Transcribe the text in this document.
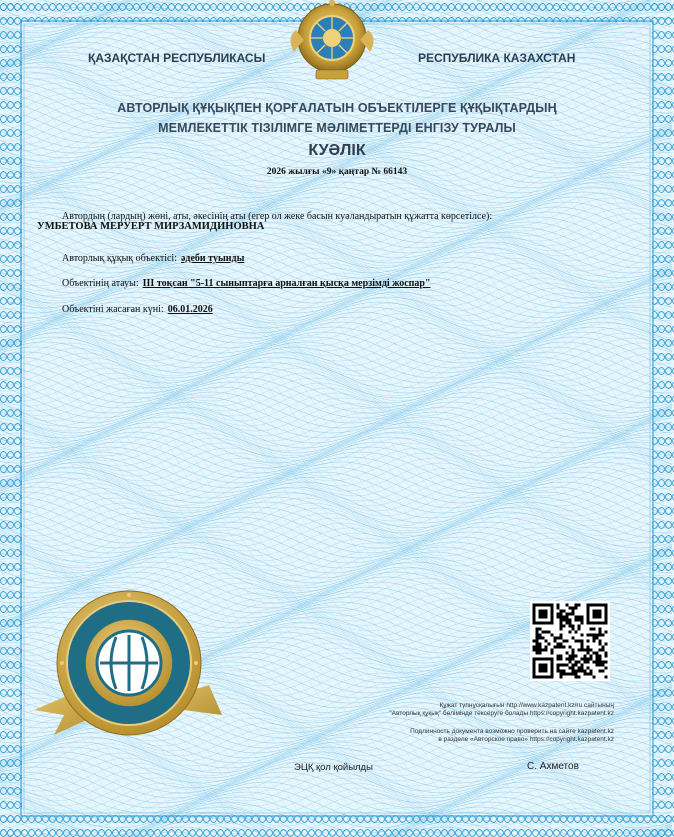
ҚАЗАҚСТАН РЕСПУБЛИКАСЫ	РЕСПУБЛИКА КАЗАХСТАН
АВТОРЛЫҚ ҚҰҚЫҚПЕН ҚОРҒАЛАТЫН ОБЪЕКТІЛЕРГЕ ҚҰҚЫҚТАРДЫҢ
МЕМЛЕКЕТТІК ТІЗІЛІМГЕ МӘЛІМЕТТЕРДІ ЕНГІЗУ ТУРАЛЫ
КУӘЛІК
2026 жылғы «9» қаңтар № 66143
Автордың (лардың) жөні, аты, әкесінің аты (егер ол жеке басын куәландыратын құжатта көрсетілсе):
УМБЕТОВА МЕРУЕРТ МИРЗАМИДИНОВНА
Авторлық құқық объектісі: әдеби туынды
Объектінің атауы: ІІІ тоқсан "5-11 сыныптарға арналған қысқа мерзімді жоспар"
Объектіні жасаған күні: 06.01.2026
Құжат түпнұсқалығын http://www.kazpatent.kz/ru сайтының
"Авторлық құқық" бөлімінде тексеруге болады https://copyright.kazpatent.kz
Подлинность документа возможно проверить на сайте kazpatent.kz
в разделе «Авторское право» https://copyright.kazpatent.kz
ЭЦҚ қол қойылды	С. Ахметов
